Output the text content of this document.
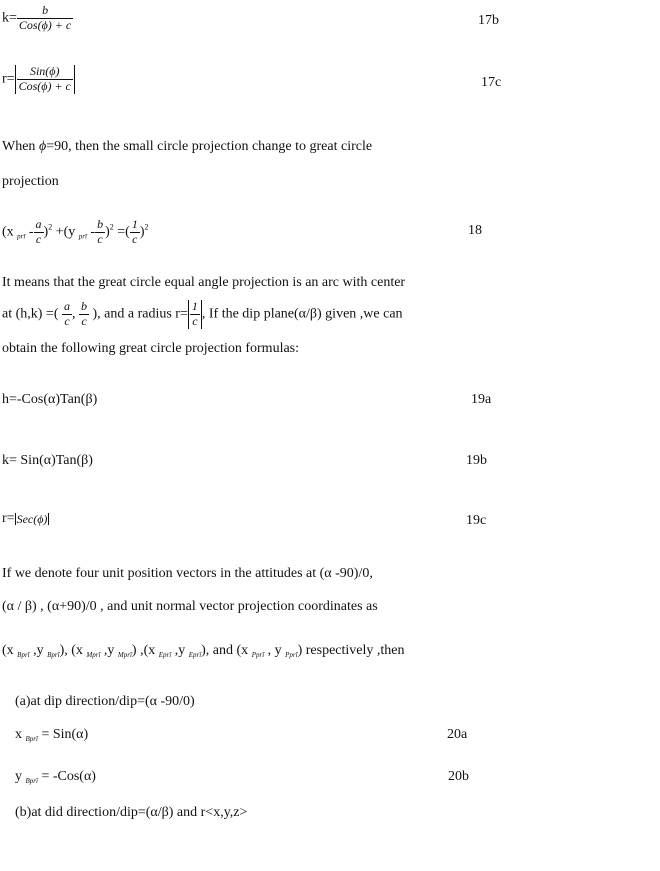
$k= \frac{b}{\text{Cos(ϕ) + c}}$	17b
$r= \frac{\text{Sin(ϕ)}}{\text{Cos(ϕ) + c}}$	17c
When ϕ=90, then the small circle projection change to great circle
projection
(x $_{prī} - \frac{a}{c} )^2 +(y$ $_{prī} - \frac{b}{c} )^2$ =( $\frac{1}{c} )^2$	18
It means that the great circle equal angle projection is an arc with center
at (h,k) =( $\frac{a}{c}$ , $\frac{b}{c}$ ), and a radius $r= \frac{1}{c}$ , If the dip plane(α/β) given ,we can
obtain the following great circle projection formulas:
h=-Cos(α)Tan(β)	19a
k= Sin(α)Tan(β)	19b
r= Sec(ϕ)	19c
If we denote four unit position vectors in the attitudes at (α -90)/0,
(α / β) , (α+90)/0 , and unit normal vector projection coordinates as
(x $_{Bprī}$ ,y $_{Bprī}$), (x $_{Mprī}$ ,y $_{Mprī}$) ,(x $_{Eprī}$ ,y $_{Eprī}$), and (x $_{Pprī}$ , y $_{Pprī}$) respectively ,then
(a)at dip direction/dip=(α -90/0)
x $_{Bprī}$ = Sin(α)	20a
y $_{Bprī}$ = -Cos(α)	20b
(b)at did direction/dip=(α/β) and r<x,y,z>
